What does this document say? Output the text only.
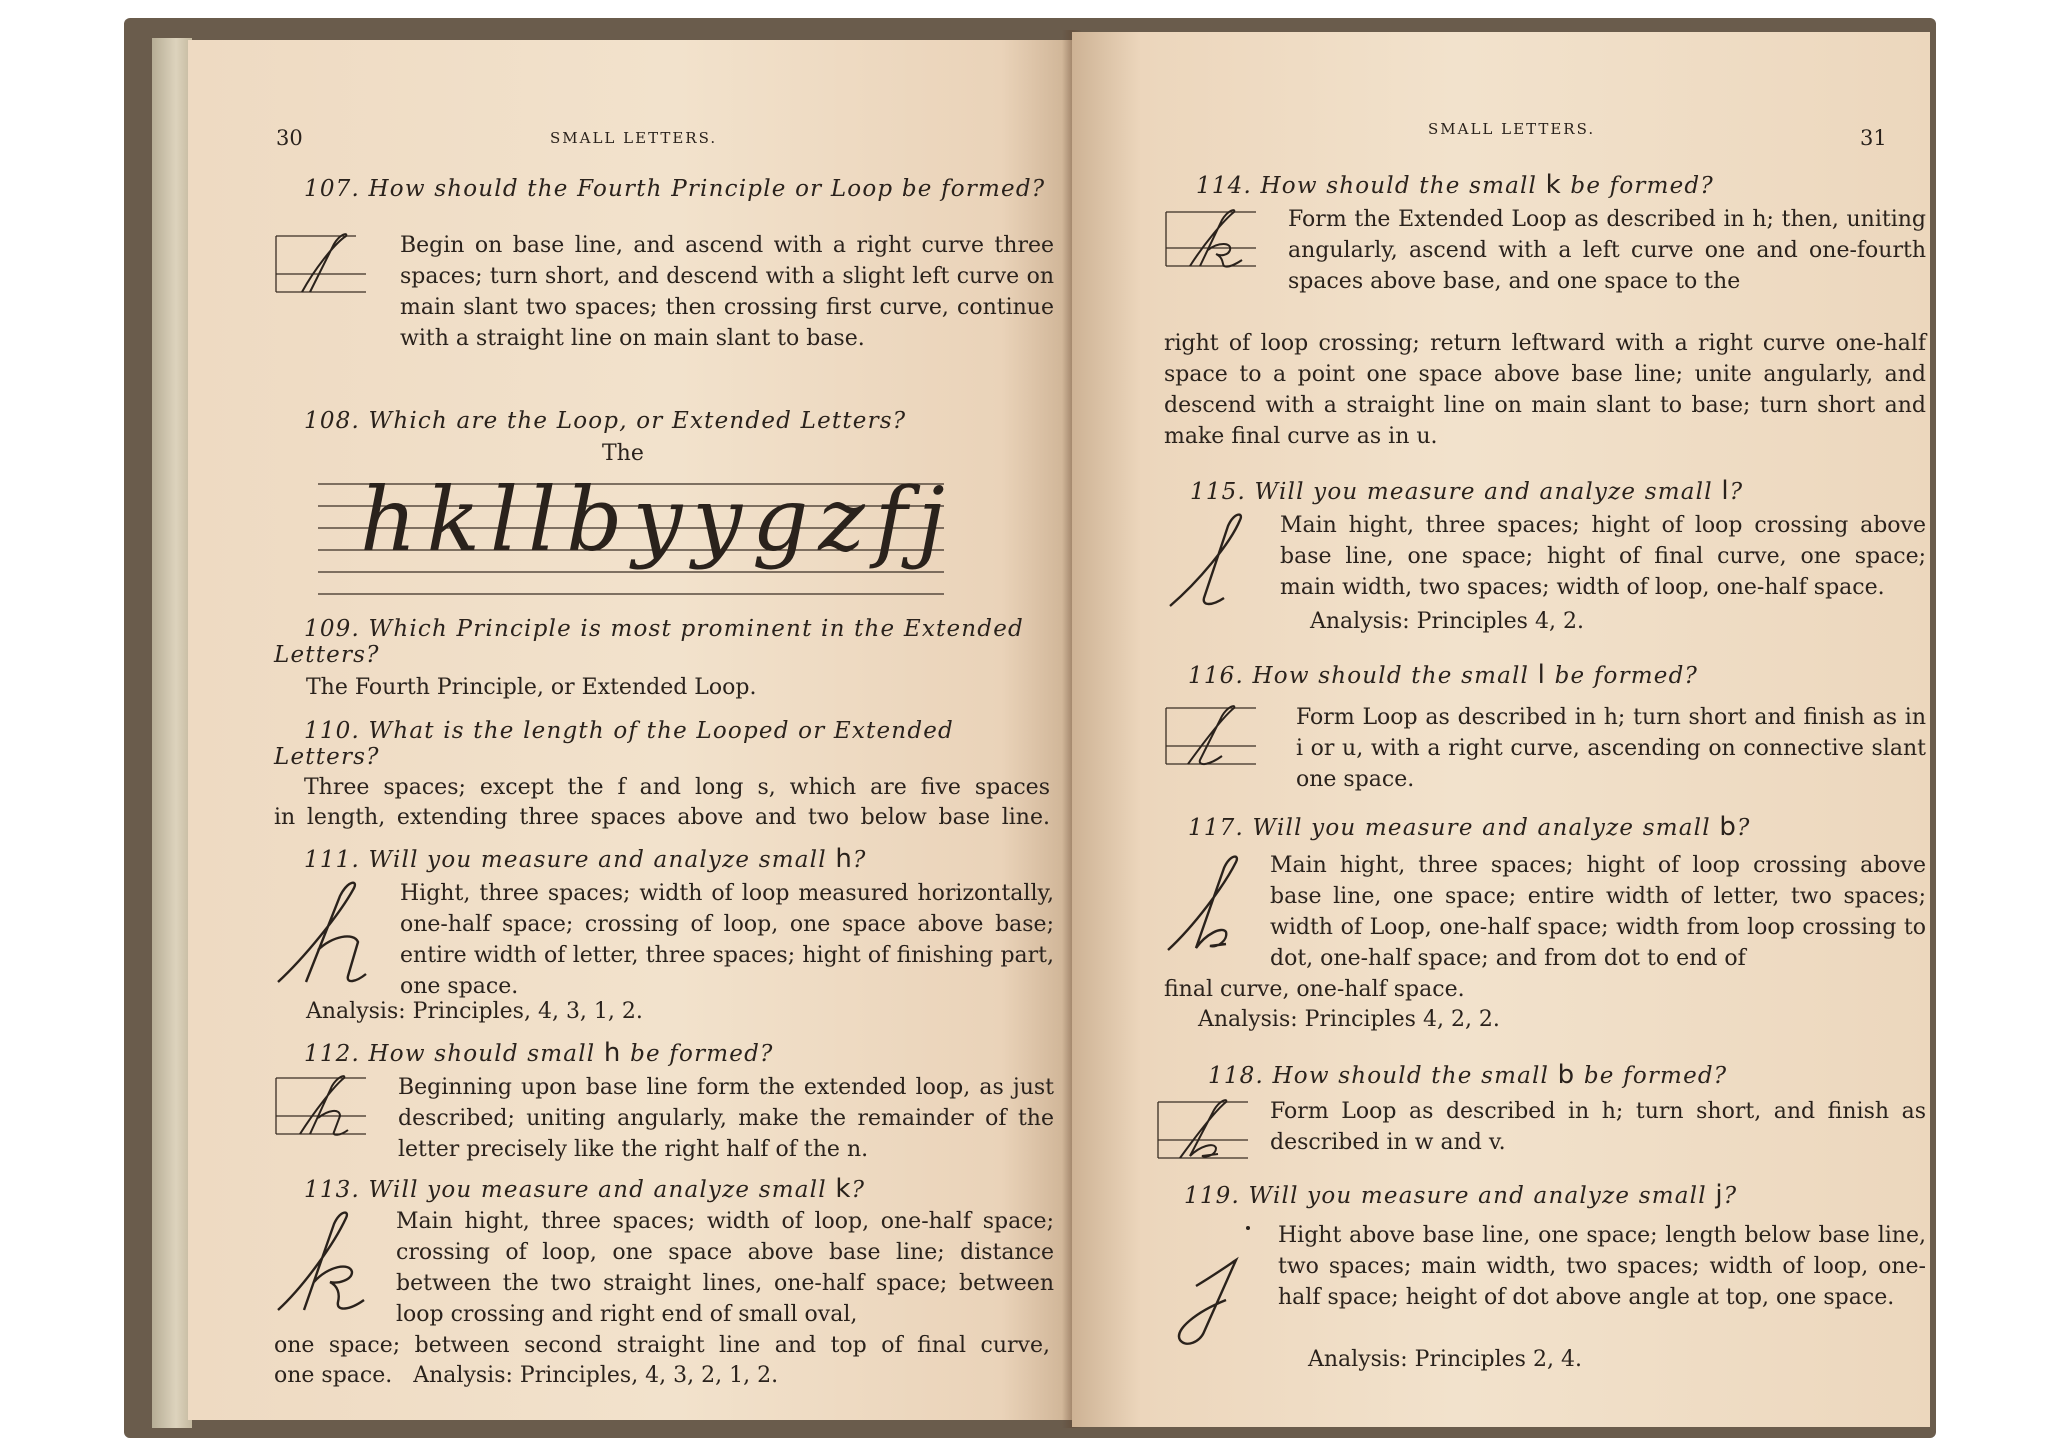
30	SMALL LETTERS.
107. How should the Fourth Principle or Loop be formed?
Begin on base line, and ascend with a right curve three spaces; turn short, and descend with a slight left curve on main slant two spaces; then crossing first curve, continue with a straight line on main slant to base.
108. Which are the Loop, or Extended Letters?
The
hkllbyygzfj
109. Which Principle is most prominent in the Extended Letters?
The Fourth Principle, or Extended Loop.
110. What is the length of the Looped or Extended Letters?
Three spaces; except the f and long s, which are five spaces
in length, extending three spaces above and two below base line.
111. Will you measure and analyze small h?
Hight, three spaces; width of loop measured horizontally, one-half space; crossing of loop, one space above base; entire width of letter, three spaces; hight of finishing part, one space.
Analysis: Principles, 4, 3, 1, 2.
112. How should small h be formed?
Beginning upon base line form the extended loop, as just described; uniting angularly, make the remainder of the letter precisely like the right half of the n.
113. Will you measure and analyze small k?
Main hight, three spaces; width of loop, one-half space; crossing of loop, one space above base line; distance between the two straight lines, one-half space; between loop crossing and right end of small oval,
one space; between second straight line and top of final curve,
one space.   Analysis: Principles, 4, 3, 2, 1, 2.
SMALL LETTERS.	31
114. How should the small k be formed?
Form the Extended Loop as described in h; then, uniting angularly, ascend with a left curve one and one-fourth spaces above base, and one space to the
right of loop crossing; return leftward with a right curve one-half space to a point one space above base line; unite angularly, and descend with a straight line on main slant to base; turn short and make final curve as in u.
115. Will you measure and analyze small l?
Main hight, three spaces; hight of loop crossing above base line, one space; hight of final curve, one space; main width, two spaces; width of loop, one-half space.
Analysis: Principles 4, 2.
116. How should the small l be formed?
Form Loop as described in h; turn short and finish as in i or u, with a right curve, ascending on connective slant one space.
117. Will you measure and analyze small b?
Main hight, three spaces; hight of loop crossing above base line, one space; entire width of letter, two spaces; width of Loop, one-half space; width from loop crossing to dot, one-half space; and from dot to end of
final curve, one-half space.
Analysis: Principles 4, 2, 2.
118. How should the small b be formed?
Form Loop as described in h; turn short, and finish as described in w and v.
119. Will you measure and analyze small j?
Hight above base line, one space; length below base line, two spaces; main width, two spaces; width of loop, one-half space; height of dot above angle at top, one space.
Analysis: Principles 2, 4.
